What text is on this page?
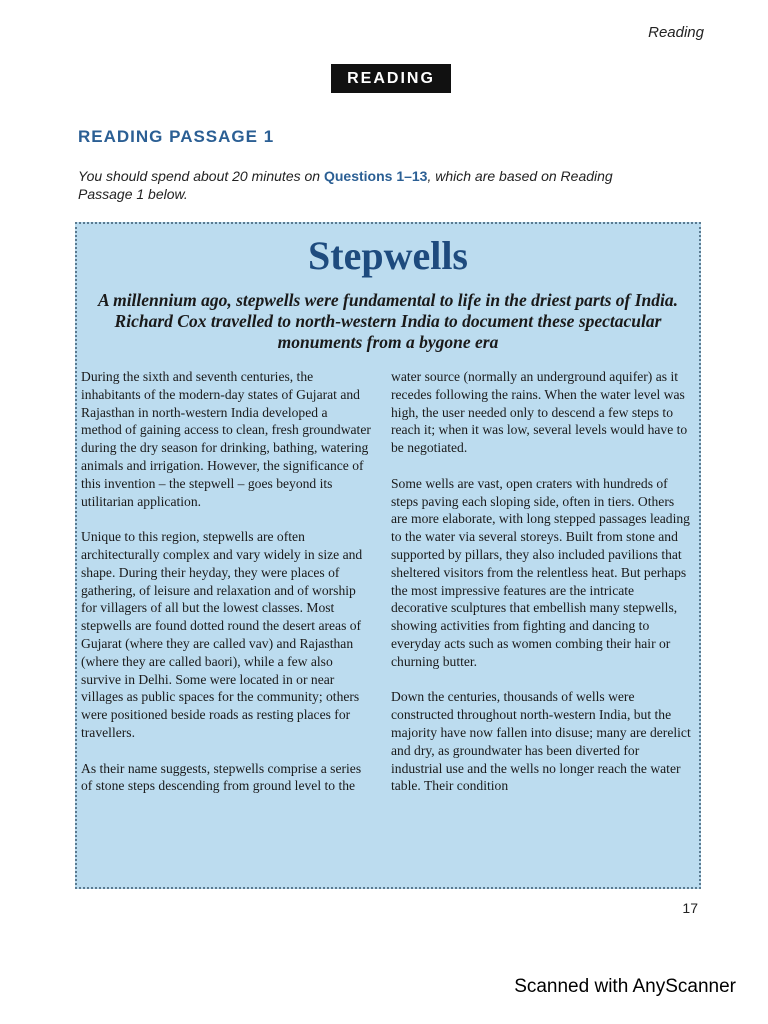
Reading
READING
READING PASSAGE 1
You should spend about 20 minutes on Questions 1–13, which are based on Reading Passage 1 below.
Stepwells
A millennium ago, stepwells were fundamental to life in the driest parts of India. Richard Cox travelled to north-western India to document these spectacular monuments from a bygone era

During the sixth and seventh centuries, the inhabitants of the modern-day states of Gujarat and Rajasthan in north-western India developed a method of gaining access to clean, fresh groundwater during the dry season for drinking, bathing, watering animals and irrigation. However, the significance of this invention – the stepwell – goes beyond its utilitarian application.

Unique to this region, stepwells are often architecturally complex and vary widely in size and shape. During their heyday, they were places of gathering, of leisure and relaxation and of worship for villagers of all but the lowest classes. Most stepwells are found dotted round the desert areas of Gujarat (where they are called vav) and Rajasthan (where they are called baori), while a few also survive in Delhi. Some were located in or near villages as public spaces for the community; others were positioned beside roads as resting places for travellers.

As their name suggests, stepwells comprise a series of stone steps descending from ground level to the

water source (normally an underground aquifer) as it recedes following the rains. When the water level was high, the user needed only to descend a few steps to reach it; when it was low, several levels would have to be negotiated.

Some wells are vast, open craters with hundreds of steps paving each sloping side, often in tiers. Others are more elaborate, with long stepped passages leading to the water via several storeys. Built from stone and supported by pillars, they also included pavilions that sheltered visitors from the relentless heat. But perhaps the most impressive features are the intricate decorative sculptures that embellish many stepwells, showing activities from fighting and dancing to everyday acts such as women combing their hair or churning butter.

Down the centuries, thousands of wells were constructed throughout north-western India, but the majority have now fallen into disuse; many are derelict and dry, as groundwater has been diverted for industrial use and the wells no longer reach the water table. Their condition

17
Scanned with AnyScanner
